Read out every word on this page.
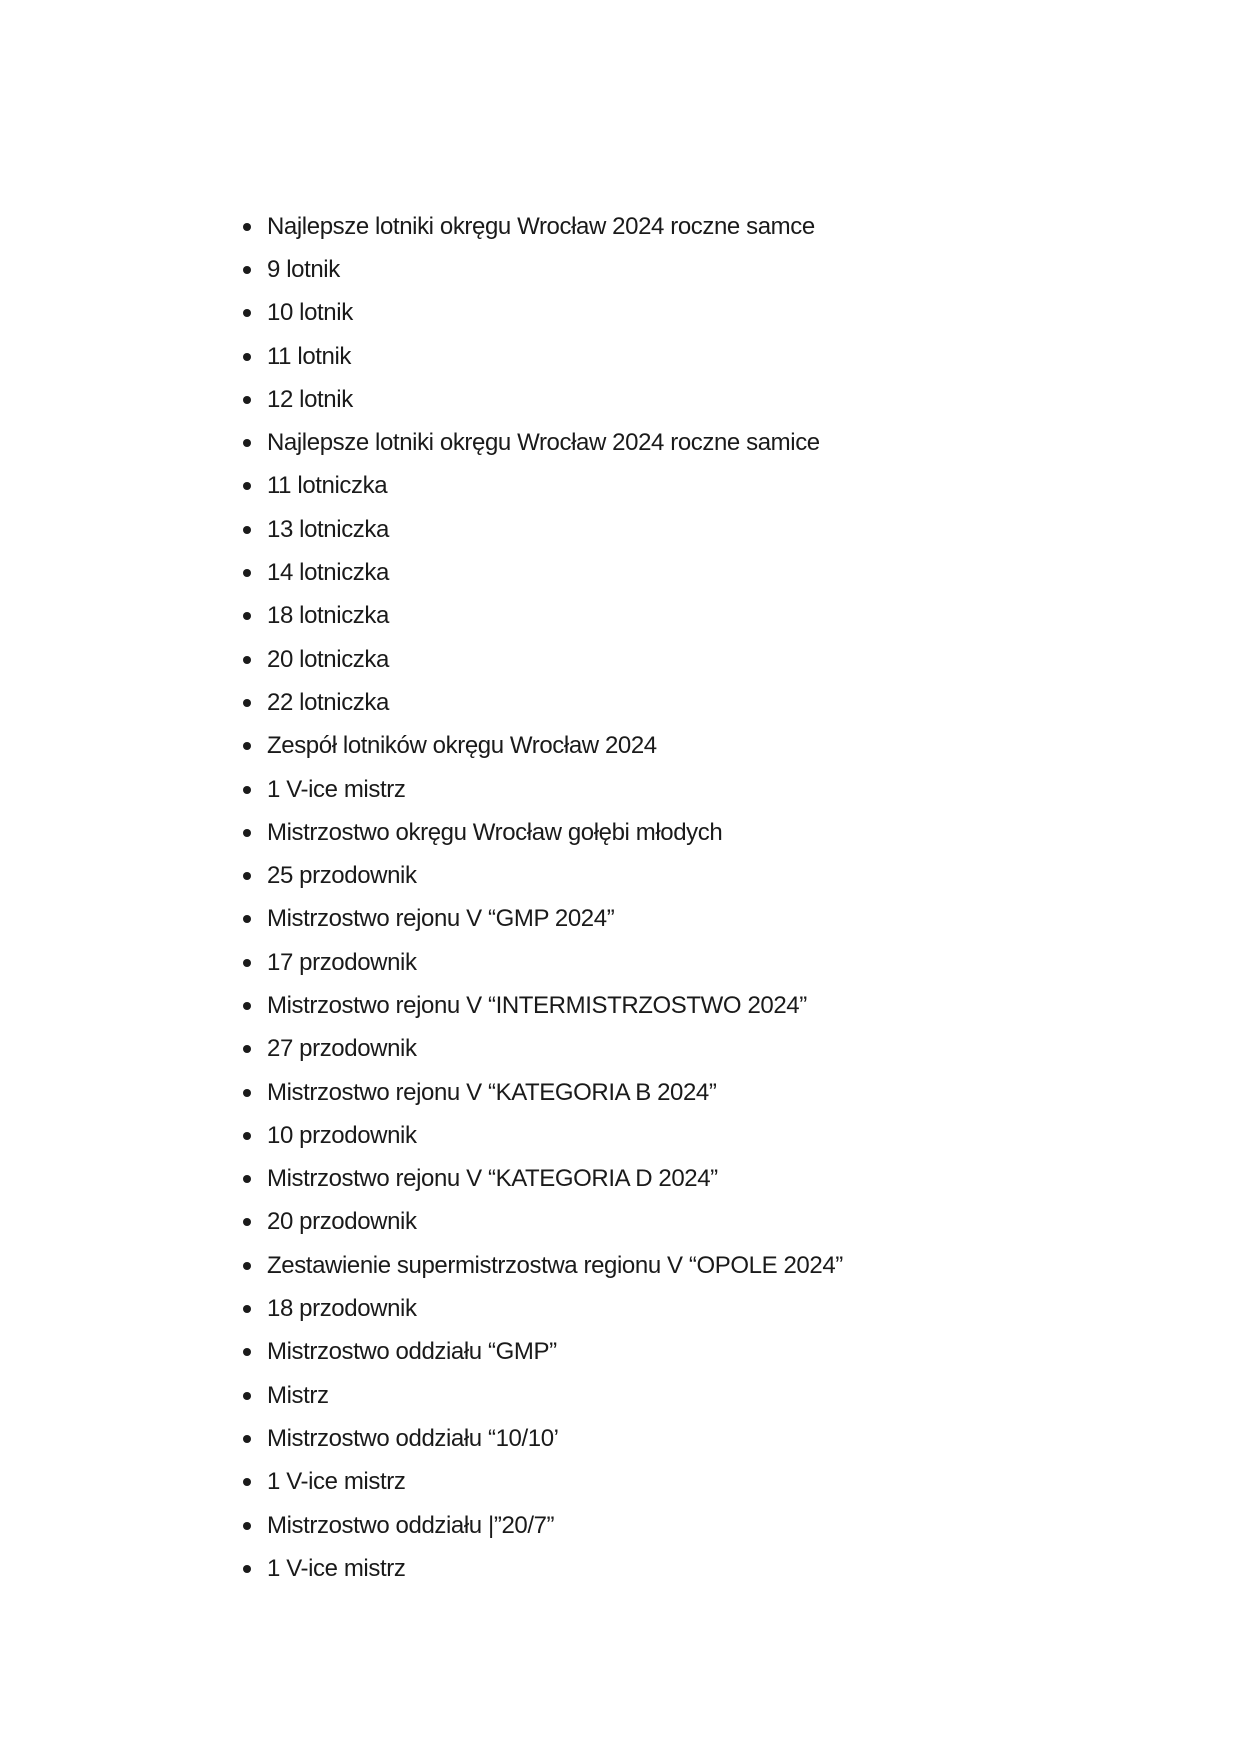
Najlepsze lotniki okręgu Wrocław 2024 roczne samce
9 lotnik
10 lotnik
11 lotnik
12 lotnik
Najlepsze lotniki okręgu Wrocław 2024 roczne samice
11 lotniczka
13 lotniczka
14 lotniczka
18 lotniczka
20 lotniczka
22 lotniczka
Zespół lotników okręgu Wrocław 2024
1 V-ice mistrz
Mistrzostwo okręgu Wrocław gołębi młodych
25 przodownik
Mistrzostwo rejonu V “GMP 2024”
17 przodownik
Mistrzostwo rejonu V “INTERMISTRZOSTWO 2024”
27 przodownik
Mistrzostwo rejonu V “KATEGORIA B 2024”
10 przodownik
Mistrzostwo rejonu V “KATEGORIA D 2024”
20 przodownik
Zestawienie supermistrzostwa regionu V “OPOLE 2024”
18 przodownik
Mistrzostwo oddziału “GMP”
Mistrz
Mistrzostwo oddziału “10/10’
1 V-ice mistrz
Mistrzostwo oddziału |”20/7”
1 V-ice mistrz
